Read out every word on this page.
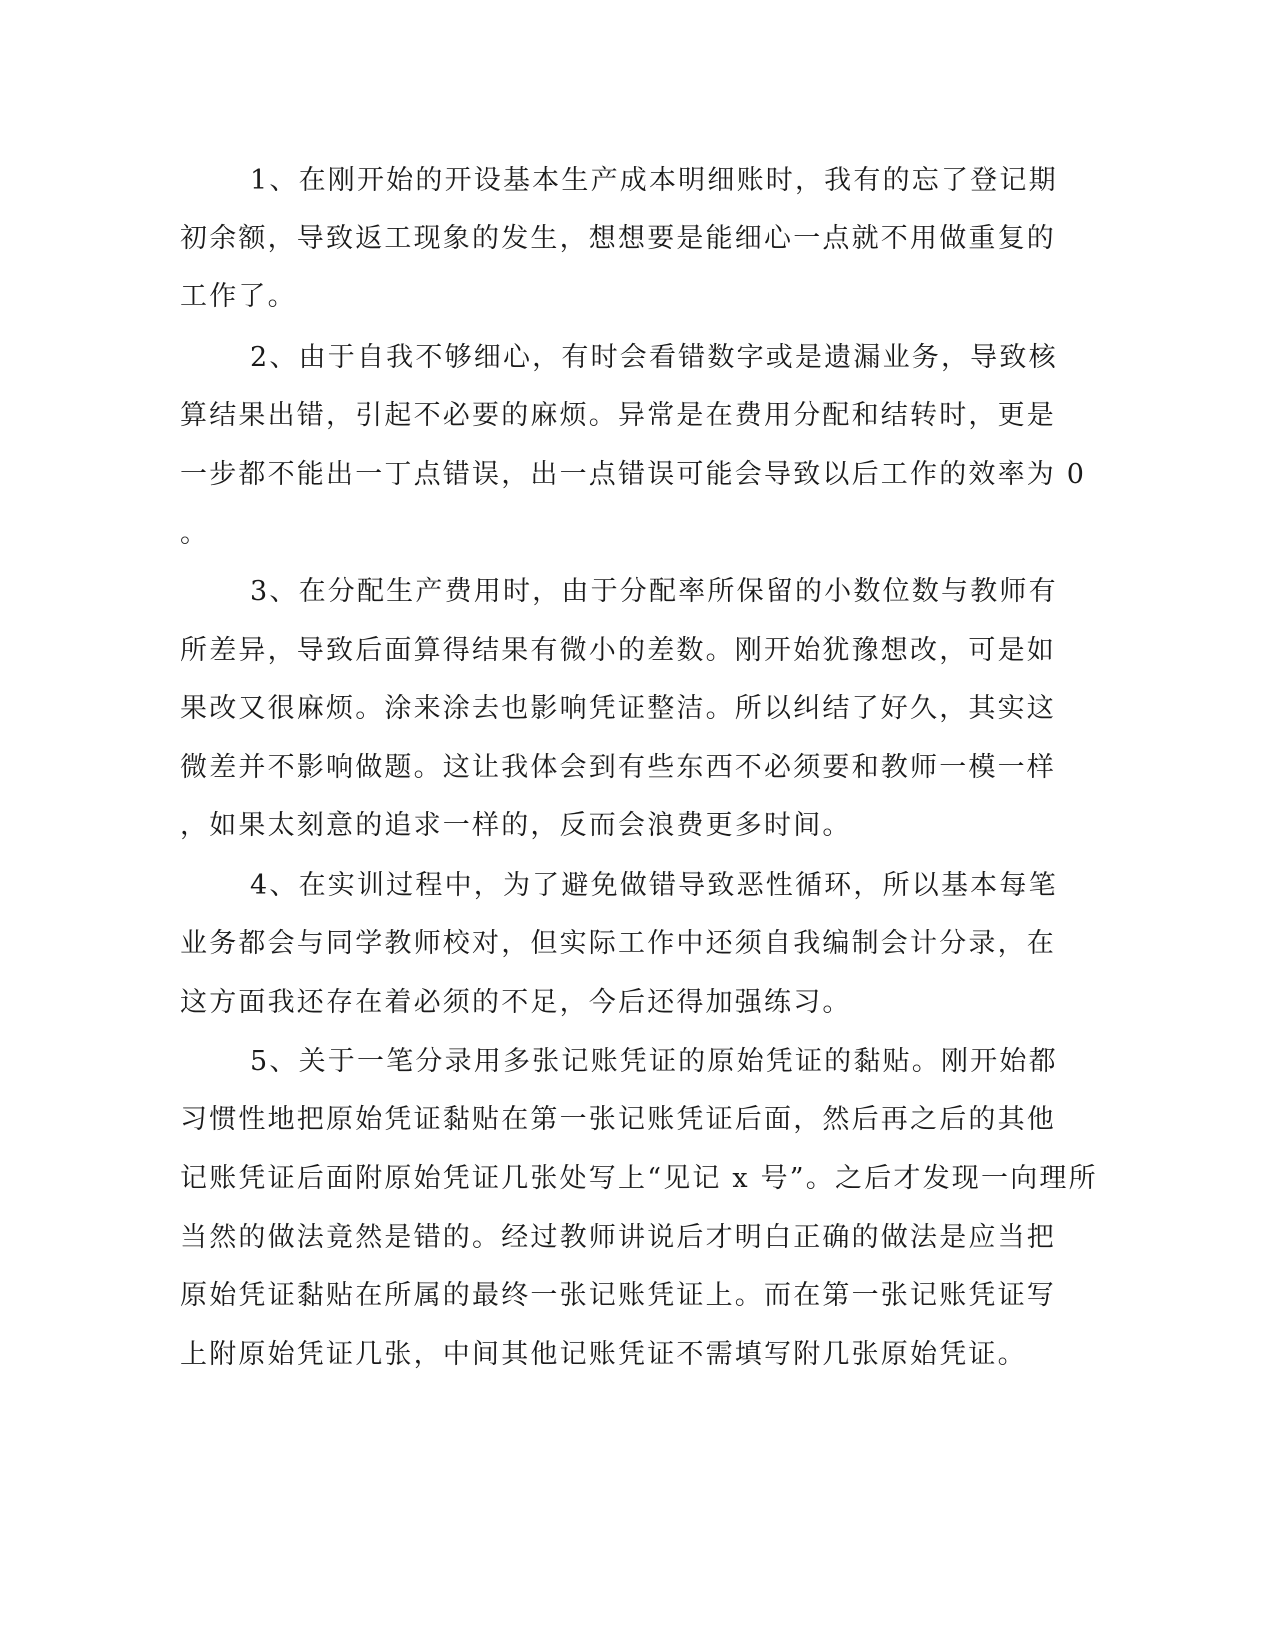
1、在刚开始的开设基本生产成本明细账时，我有的忘了登记期

初余额，导致返工现象的发生，想想要是能细心一点就不用做重复的

工作了。

2、由于自我不够细心，有时会看错数字或是遗漏业务，导致核

算结果出错，引起不必要的麻烦。异常是在费用分配和结转时，更是

一步都不能出一丁点错误，出一点错误可能会导致以后工作的效率为 0

。

3、在分配生产费用时，由于分配率所保留的小数位数与教师有

所差异，导致后面算得结果有微小的差数。刚开始犹豫想改，可是如

果改又很麻烦。涂来涂去也影响凭证整洁。所以纠结了好久，其实这

微差并不影响做题。这让我体会到有些东西不必须要和教师一模一样

，如果太刻意的追求一样的，反而会浪费更多时间。

4、在实训过程中，为了避免做错导致恶性循环，所以基本每笔

业务都会与同学教师校对，但实际工作中还须自我编制会计分录，在

这方面我还存在着必须的不足，今后还得加强练习。

5、关于一笔分录用多张记账凭证的原始凭证的黏贴。刚开始都

习惯性地把原始凭证黏贴在第一张记账凭证后面，然后再之后的其他

记账凭证后面附原始凭证几张处写上“见记 x 号”。之后才发现一向理所

当然的做法竟然是错的。经过教师讲说后才明白正确的做法是应当把

原始凭证黏贴在所属的最终一张记账凭证上。而在第一张记账凭证写

上附原始凭证几张，中间其他记账凭证不需填写附几张原始凭证。
